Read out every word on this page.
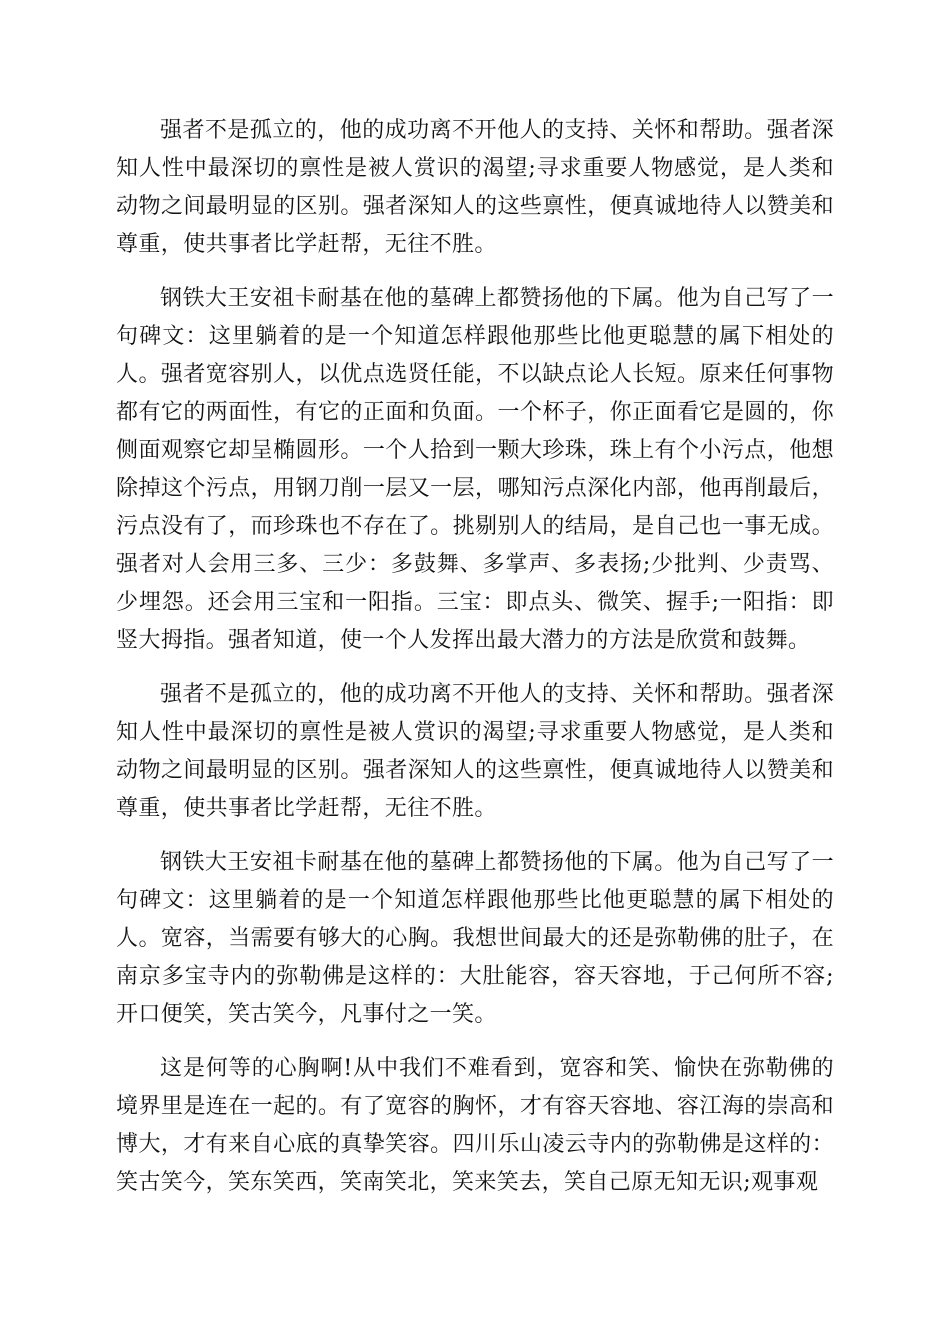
强者不是孤立的，他的成功离不开他人的支持、关怀和帮助。强者深知人性中最深切的禀性是被人赏识的渴望;寻求重要人物感觉，是人类和动物之间最明显的区别。强者深知人的这些禀性，便真诚地待人以赞美和尊重，使共事者比学赶帮，无往不胜。

钢铁大王安祖卡耐基在他的墓碑上都赞扬他的下属。他为自己写了一句碑文：这里躺着的是一个知道怎样跟他那些比他更聪慧的属下相处的人。强者宽容别人，以优点选贤任能，不以缺点论人长短。原来任何事物都有它的两面性，有它的正面和负面。一个杯子，你正面看它是圆的，你侧面观察它却呈椭圆形。一个人拾到一颗大珍珠，珠上有个小污点，他想除掉这个污点，用钢刀削一层又一层，哪知污点深化内部，他再削最后，污点没有了，而珍珠也不存在了。挑剔别人的结局，是自己也一事无成。强者对人会用三多、三少：多鼓舞、多掌声、多表扬;少批判、少责骂、少埋怨。还会用三宝和一阳指。三宝：即点头、微笑、握手;一阳指：即竖大拇指。强者知道，使一个人发挥出最大潜力的方法是欣赏和鼓舞。

强者不是孤立的，他的成功离不开他人的支持、关怀和帮助。强者深知人性中最深切的禀性是被人赏识的渴望;寻求重要人物感觉，是人类和动物之间最明显的区别。强者深知人的这些禀性，便真诚地待人以赞美和尊重，使共事者比学赶帮，无往不胜。

钢铁大王安祖卡耐基在他的墓碑上都赞扬他的下属。他为自己写了一句碑文：这里躺着的是一个知道怎样跟他那些比他更聪慧的属下相处的人。宽容，当需要有够大的心胸。我想世间最大的还是弥勒佛的肚子，在南京多宝寺内的弥勒佛是这样的：大肚能容，容天容地，于己何所不容;开口便笑，笑古笑今，凡事付之一笑。

这是何等的心胸啊!从中我们不难看到，宽容和笑、愉快在弥勒佛的境界里是连在一起的。有了宽容的胸怀，才有容天容地、容江海的崇高和博大，才有来自心底的真挚笑容。四川乐山凌云寺内的弥勒佛是这样的：笑古笑今，笑东笑西，笑南笑北，笑来笑去，笑自己原无知无识;观事观
